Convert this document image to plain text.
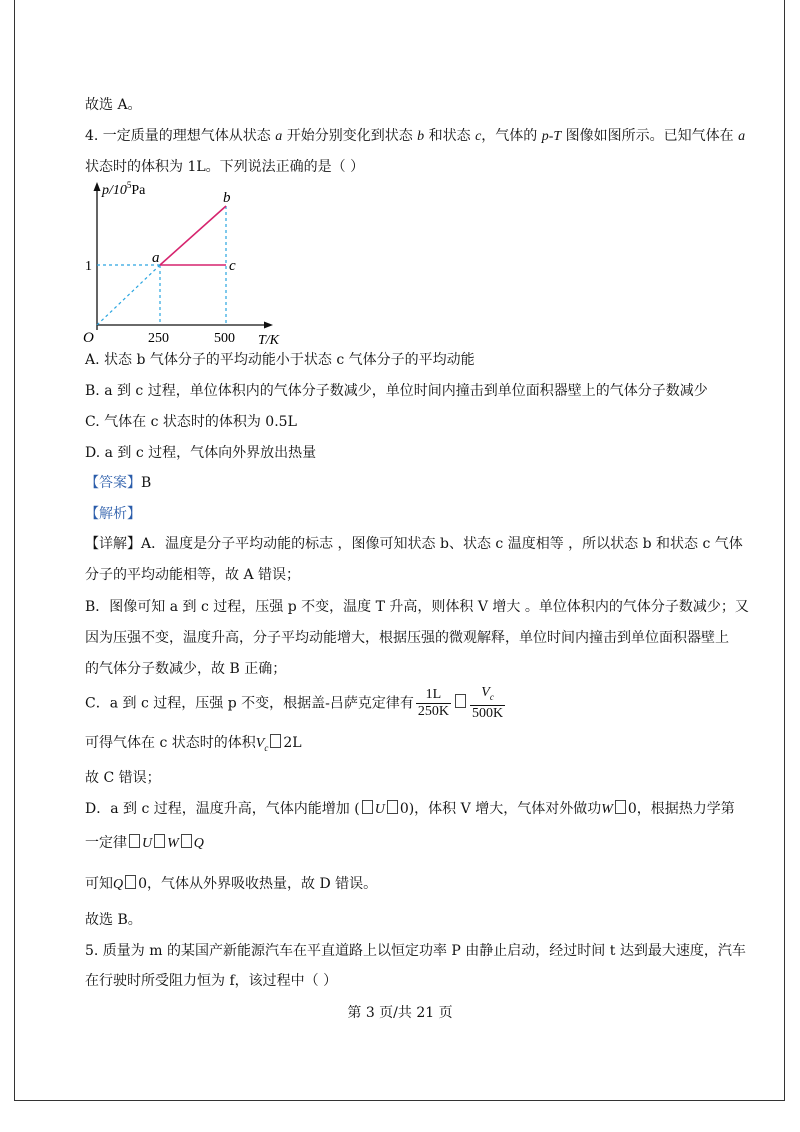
故选 A。
4. 一定质量的理想气体从状态 a 开始分别变化到状态 b 和状态 c，气体的 p-T 图像如图所示。已知气体在 a
状态时的体积为 1L。下列说法正确的是（ ）
$p/10^5Pa$
T/K
O
1
250	500
a
b
c
A. 状态 b 气体分子的平均动能小于状态 c 气体分子的平均动能
B. a 到 c 过程，单位体积内的气体分子数减少，单位时间内撞击到单位面积器壁上的气体分子数减少
C. 气体在 c 状态时的体积为 0.5L
D. a 到 c 过程，气体向外界放出热量
【答案】B
【解析】
【详解】A．温度是分子平均动能的标志 ，图像可知状态 b、状态 c 温度相等 ，所以状态 b 和状态 c 气体
分子的平均动能相等，故 A 错误；
B．图像可知 a 到 c 过程，压强 p 不变，温度 T 升高，则体积 V 增大 。单位体积内的气体分子数减少；又
因为压强不变，温度升高，分子平均动能增大，根据压强的微观解释，单位时间内撞击到单位面积器壁上
的气体分子数减少，故 B 正确；
C．a 到 c 过程，压强 p 不变，根据盖-吕萨克定律有 $\frac{1L}{250K} \frac{V_c}{500K}$
可得气体在 c 状态时的体积$V_c$ 2L
故 C 错误；
D．a 到 c 过程，温度升高，气体内能增加 ( U 0)，体积 V 增大，气体对外做功W 0，根据热力学第
一定律 U W Q
可知Q 0，气体从外界吸收热量，故 D 错误。
故选 B。
5. 质量为 m 的某国产新能源汽车在平直道路上以恒定功率 P 由静止启动，经过时间 t 达到最大速度，汽车
在行驶时所受阻力恒为 f，该过程中（ ）
第 3 页/共 21 页
